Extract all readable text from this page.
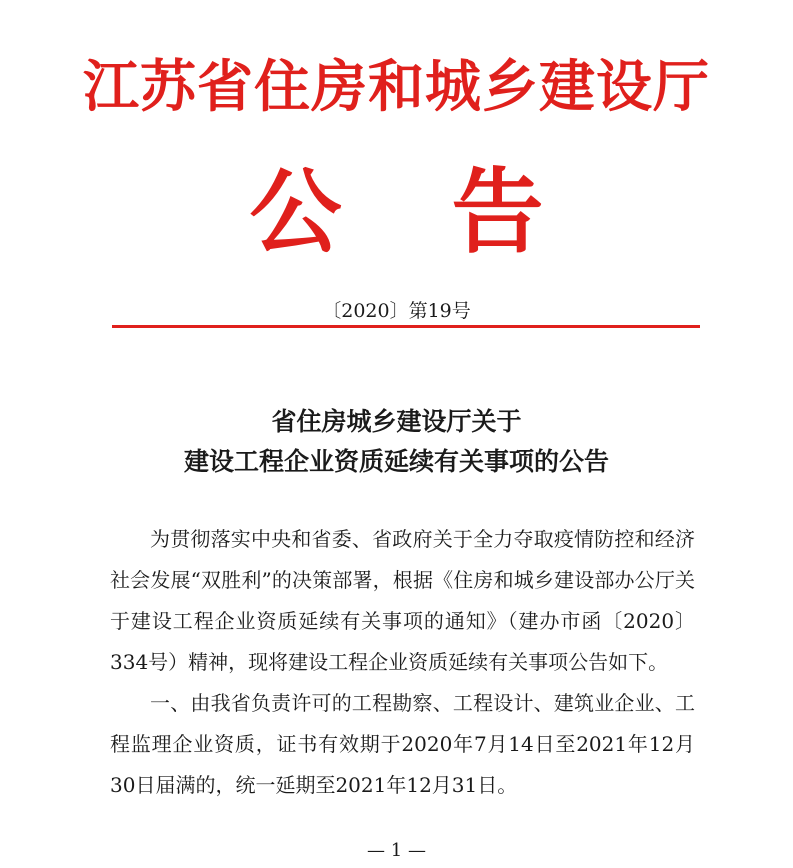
江苏省住房和城乡建设厅
公 告
〔2020〕第19号
省住房城乡建设厅关于
建设工程企业资质延续有关事项的公告

为贯彻落实中央和省委、省政府关于全力夺取疫情防控和经济社会发展“双胜利”的决策部署，根据《住房和城乡建设部办公厅关于建设工程企业资质延续有关事项的通知》（建办市函〔2020〕334号）精神，现将建设工程企业资质延续有关事项公告如下。

一、由我省负责许可的工程勘察、工程设计、建筑业企业、工程监理企业资质，证书有效期于2020年7月14日至2021年12月30日届满的，统一延期至2021年12月31日。

— 1 —
